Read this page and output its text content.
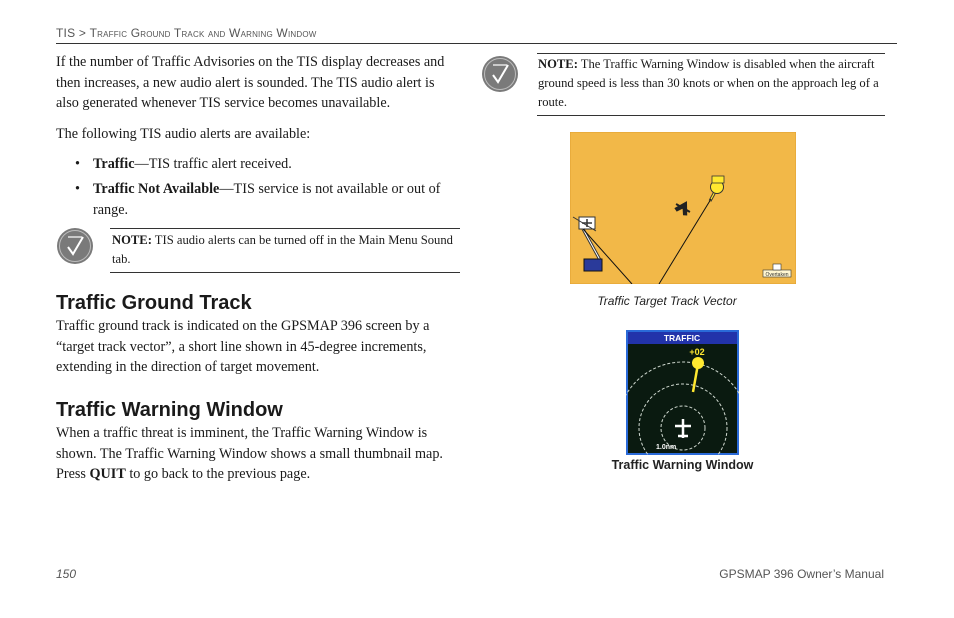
TIS > Traffic Ground Track and Warning Window
If the number of Traffic Advisories on the TIS display decreases and then increases, a new audio alert is sounded. The TIS audio alert is also generated whenever TIS service becomes unavailable.
The following TIS audio alerts are available:
• Traffic—TIS traffic alert received.
• Traffic Not Available—TIS service is not available or out of range.
NOTE: TIS audio alerts can be turned off in the Main Menu Sound tab.
Traffic Ground Track
Traffic ground track is indicated on the GPSMAP 396 screen by a “target track vector”, a short line shown in 45-degree increments, extending in the direction of target movement.
Traffic Warning Window
When a traffic threat is imminent, the Traffic Warning Window is shown. The Traffic Warning Window shows a small thumbnail map. Press QUIT to go back to the previous page.
NOTE: The Traffic Warning Window is disabled when the aircraft ground speed is less than 30 knots or when on the approach leg of a route.
Overtaken
Traffic Target Track Vector
TRAFFIC
+02
1.0nm
Traffic Warning Window
150	GPSMAP 396 Owner’s Manual
